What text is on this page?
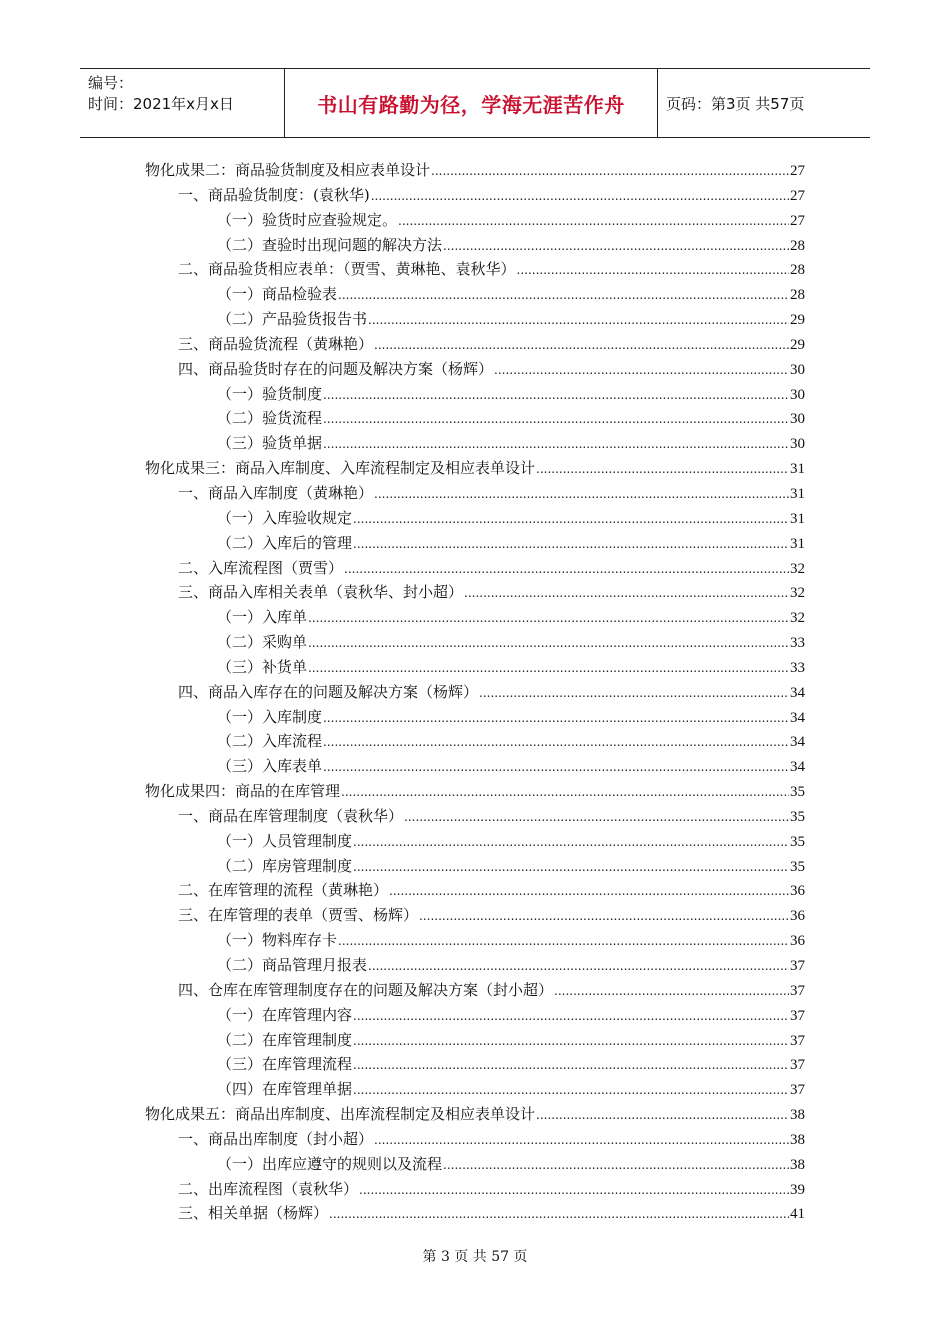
编号：
时间：2021年x月x日	书山有路勤为径，学海无涯苦作舟	页码：第3页 共57页
物化成果二：商品验货制度及相应表单设计 .....	27
一、商品验货制度：(袁秋华) .....	27
（一）验货时应查验规定。 .....	27
（二）查验时出现问题的解决方法 .....	28
二、商品验货相应表单：（贾雪、黄琳艳、袁秋华） .....	28
（一）商品检验表 .....	28
（二）产品验货报告书 .....	29
三、商品验货流程（黄琳艳） .....	29
四、商品验货时存在的问题及解决方案（杨辉） .....	30
（一）验货制度 .....	30
（二）验货流程 .....	30
（三）验货单据 .....	30
物化成果三：商品入库制度、入库流程制定及相应表单设计 .....	31
一、商品入库制度（黄琳艳） .....	31
（一）入库验收规定 .....	31
（二）入库后的管理 .....	31
二、入库流程图（贾雪） .....	32
三、商品入库相关表单（袁秋华、封小超） .....	32
（一）入库单 .....	32
（二）采购单 .....	33
（三）补货单 .....	33
四、商品入库存在的问题及解决方案（杨辉） .....	34
（一）入库制度 .....	34
（二）入库流程 .....	34
（三）入库表单 .....	34
物化成果四：商品的在库管理 .....	35
一、商品在库管理制度（袁秋华） .....	35
（一）人员管理制度 .....	35
（二）库房管理制度 .....	35
二、在库管理的流程（黄琳艳） .....	36
三、在库管理的表单（贾雪、杨辉） .....	36
（一）物料库存卡 .....	36
（二）商品管理月报表 .....	37
四、仓库在库管理制度存在的问题及解决方案（封小超） .....	37
（一）在库管理内容 .....	37
（二）在库管理制度 .....	37
（三）在库管理流程 .....	37
（四）在库管理单据 .....	37
物化成果五：商品出库制度、出库流程制定及相应表单设计 .....	38
一、商品出库制度（封小超） .....	38
（一）出库应遵守的规则以及流程 .....	38
二、出库流程图（袁秋华） .....	39
三、相关单据（杨辉） .....	41
第 3 页 共 57 页
